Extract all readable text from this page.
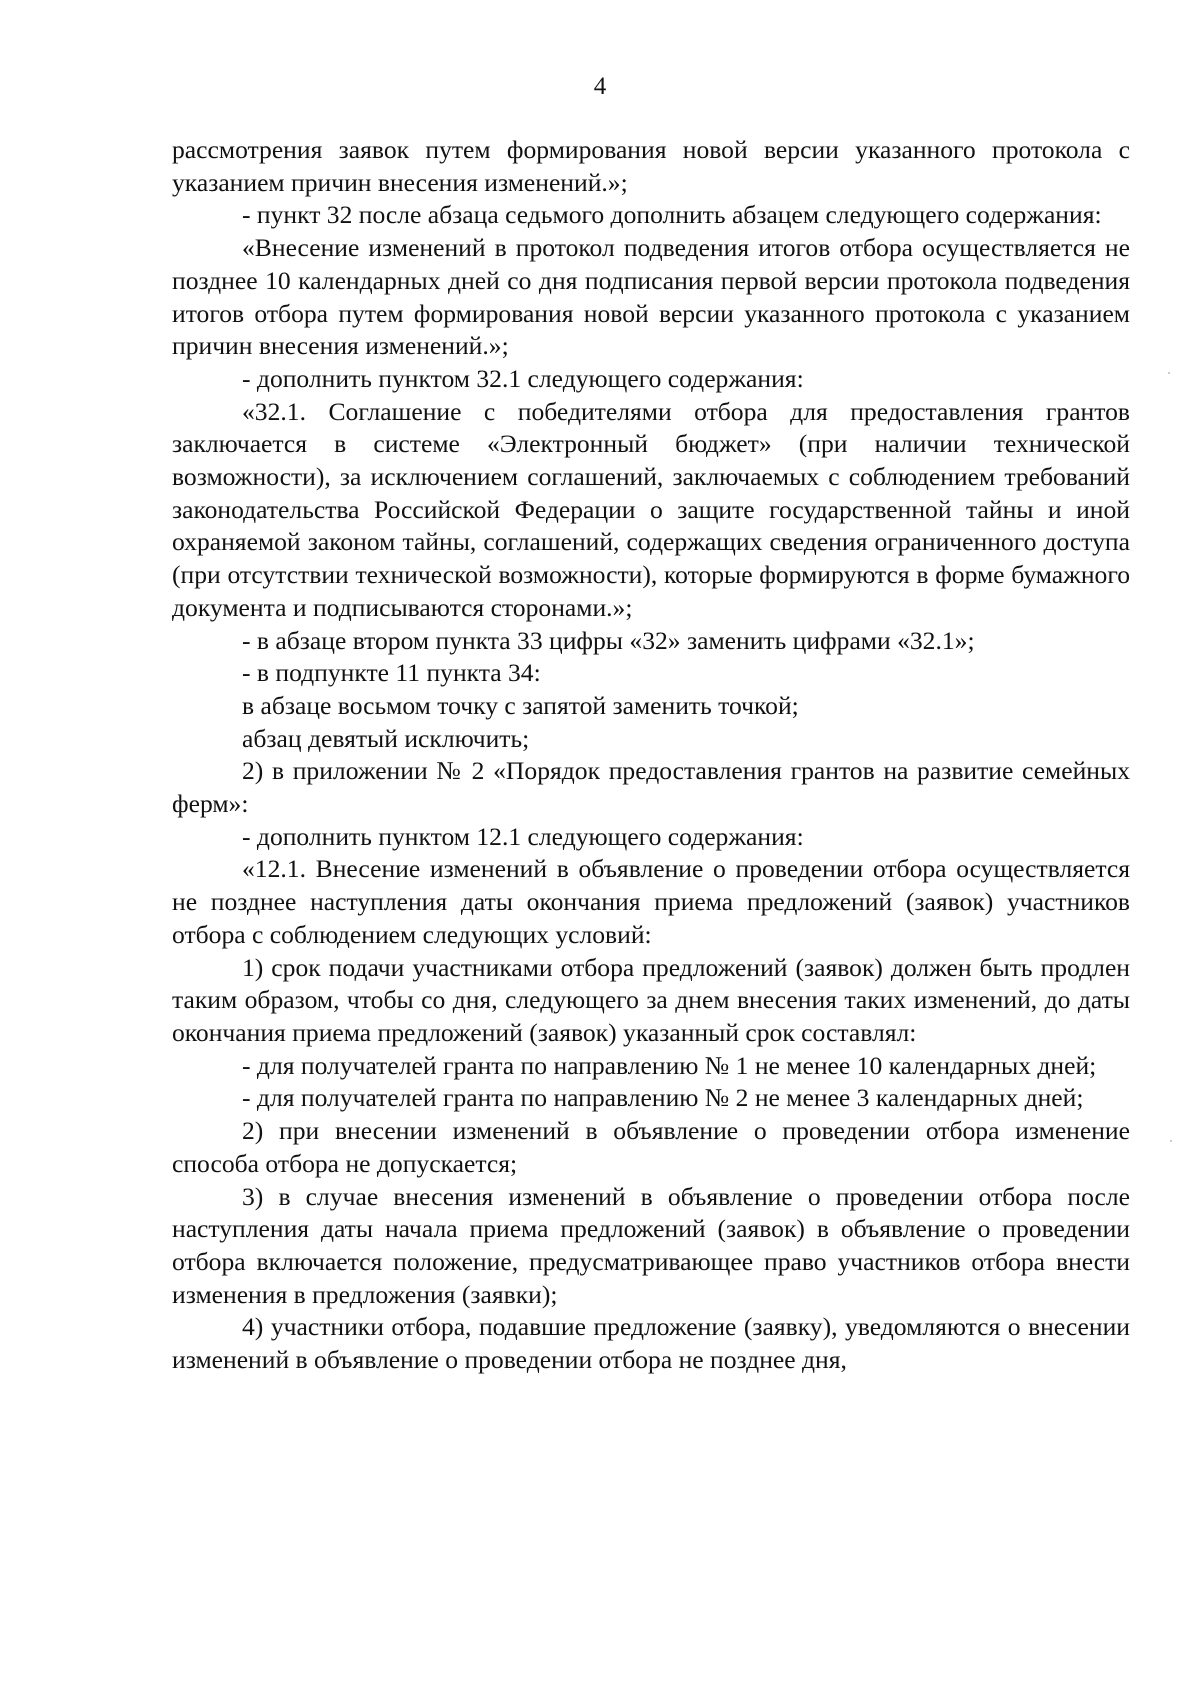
4

рассмотрения заявок путем формирования новой версии указанного протокола с указанием причин внесения изменений.»;

- пункт 32 после абзаца седьмого дополнить абзацем следующего содержания:

«Внесение изменений в протокол подведения итогов отбора осуществляется не позднее 10 календарных дней со дня подписания первой версии протокола подведения итогов отбора путем формирования новой версии указанного протокола с указанием причин внесения изменений.»;

- дополнить пунктом 32.1 следующего содержания:

«32.1. Соглашение с победителями отбора для предоставления грантов заключается в системе «Электронный бюджет» (при наличии технической возможности), за исключением соглашений, заключаемых с соблюдением требований законодательства Российской Федерации о защите государственной тайны и иной охраняемой законом тайны, соглашений, содержащих сведения ограниченного доступа (при отсутствии технической возможности), которые формируются в форме бумажного документа и подписываются сторонами.»;

- в абзаце втором пункта 33 цифры «32» заменить цифрами «32.1»;

- в подпункте 11 пункта 34:

в абзаце восьмом точку с запятой заменить точкой;

абзац девятый исключить;

2) в приложении № 2 «Порядок предоставления грантов на развитие семейных ферм»:

- дополнить пунктом 12.1 следующего содержания:

«12.1. Внесение изменений в объявление о проведении отбора осуществляется не позднее наступления даты окончания приема предложений (заявок) участников отбора с соблюдением следующих условий:

1) срок подачи участниками отбора предложений (заявок) должен быть продлен таким образом, чтобы со дня, следующего за днем внесения таких изменений, до даты окончания приема предложений (заявок) указанный срок составлял:

- для получателей гранта по направлению № 1 не менее 10 календарных дней;

- для получателей гранта по направлению № 2 не менее 3 календарных дней;

2) при внесении изменений в объявление о проведении отбора изменение способа отбора не допускается;

3) в случае внесения изменений в объявление о проведении отбора после наступления даты начала приема предложений (заявок) в объявление о проведении отбора включается положение, предусматривающее право участников отбора внести изменения в предложения (заявки);

4) участники отбора, подавшие предложение (заявку), уведомляются о внесении изменений в объявление о проведении отбора не позднее дня,
